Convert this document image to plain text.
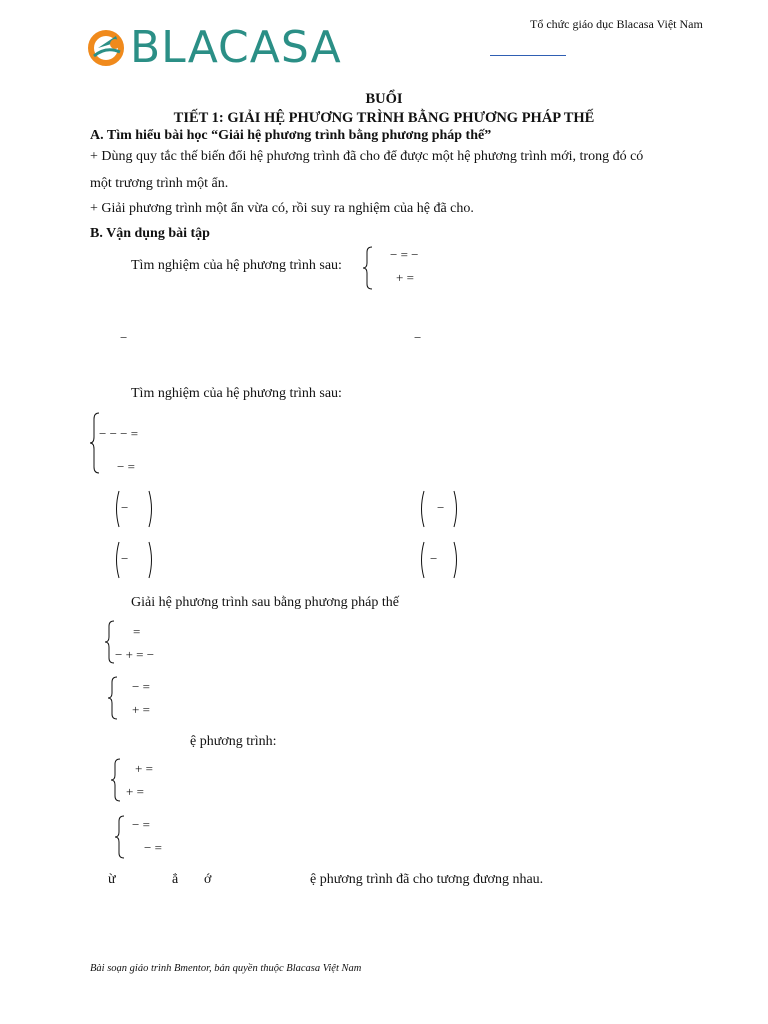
BLACASA	Tổ chức giáo dục Blacasa Việt Nam
BUỔI
TIẾT 1: GIẢI HỆ PHƯƠNG TRÌNH BẰNG PHƯƠNG PHÁP THẾ
A. Tìm hiểu bài học “Giải hệ phương trình bằng phương pháp thế”
+ Dùng quy tắc thế biến đổi hệ phương trình đã cho để được một hệ phương trình mới, trong đó có
một trương trình một ẩn.
+ Giải phương trình một ẩn vừa có, rồi suy ra nghiệm của hệ đã cho.
B. Vận dụng bài tập
Tìm nghiệm của hệ phương trình sau:
− = −
+ =
−	−
Tìm nghiệm của hệ phương trình sau:
− − − =
− =
−	−
−	−
Giải hệ phương trình sau bằng phương pháp thế
=
− + = −
− =
+ =
ệ phương trình:
+ =
+ =
− =
− =
ừ	ẳ ớ	ệ phương trình đã cho tương đương nhau.
Bài soạn giáo trình Bmentor, bản quyền thuộc Blacasa Việt Nam
